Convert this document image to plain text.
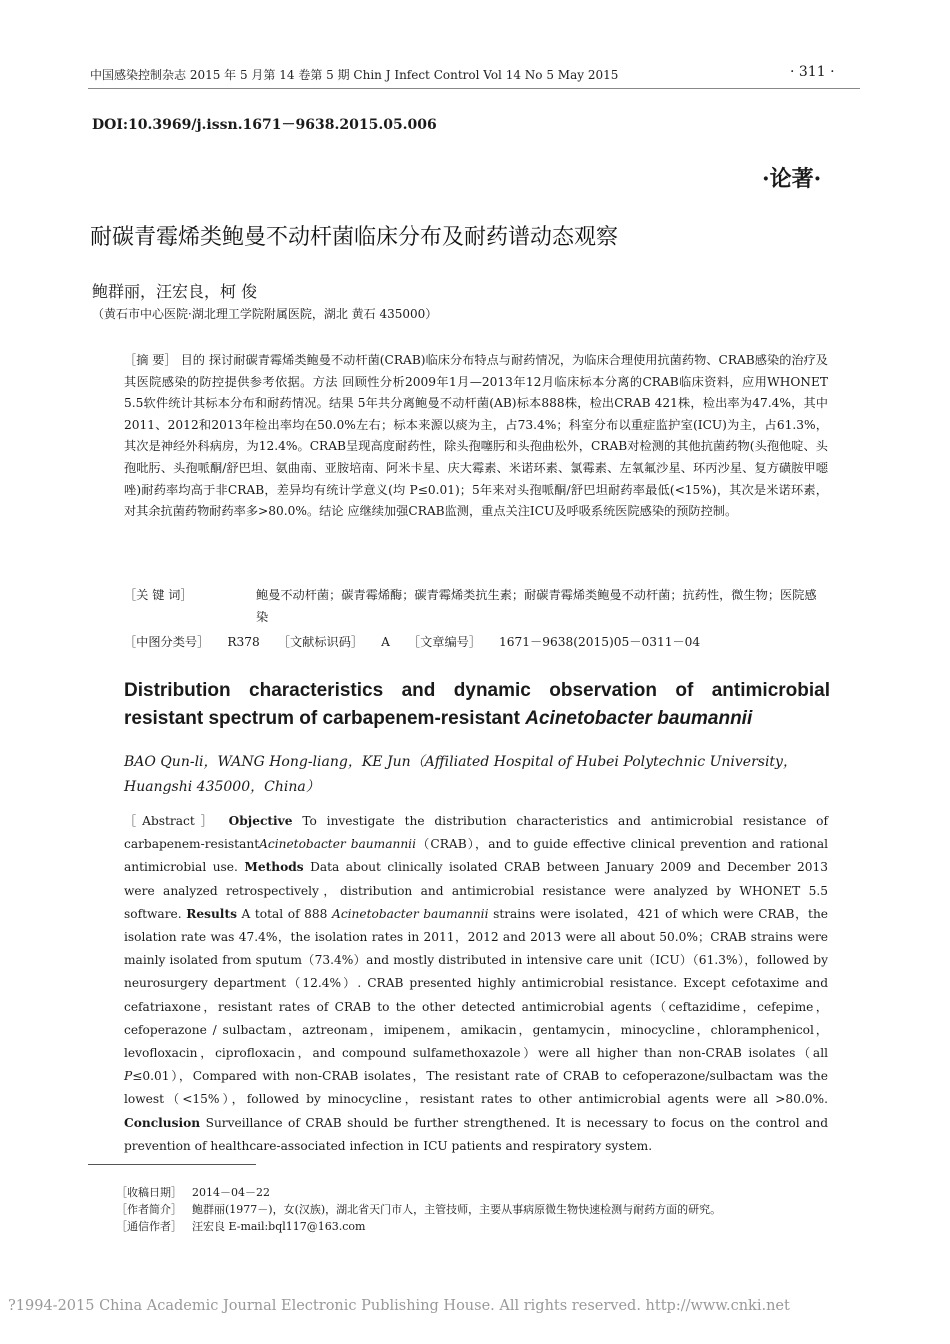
中国感染控制杂志 2015 年 5 月第 14 卷第 5 期 Chin J Infect Control Vol 14 No 5 May 2015	· 311 ·
DOI:10.3969/j.issn.1671－9638.2015.05.006
·论著·
耐碳青霉烯类鲍曼不动杆菌临床分布及耐药谱动态观察
鲍群丽，汪宏良，柯 俊
（黄石市中心医院·湖北理工学院附属医院，湖北 黄石 435000）
［摘 要］ 目的 探讨耐碳青霉烯类鲍曼不动杆菌(CRAB)临床分布特点与耐药情况，为临床合理使用抗菌药物、CRAB感染的治疗及其医院感染的防控提供参考依据。方法 回顾性分析2009年1月—2013年12月临床标本分离的CRAB临床资料，应用WHONET 5.5软件统计其标本分布和耐药情况。结果 5年共分离鲍曼不动杆菌(AB)标本888株，检出CRAB 421株，检出率为47.4%，其中2011、2012和2013年检出率均在50.0%左右；标本来源以痰为主，占73.4%；科室分布以重症监护室(ICU)为主，占61.3%，其次是神经外科病房，为12.4%。CRAB呈现高度耐药性，除头孢噻肟和头孢曲松外，CRAB对检测的其他抗菌药物(头孢他啶、头孢吡肟、头孢哌酮/舒巴坦、氨曲南、亚胺培南、阿米卡星、庆大霉素、米诺环素、氯霉素、左氧氟沙星、环丙沙星、复方磺胺甲噁唑)耐药率均高于非CRAB，差异均有统计学意义(均 P≤0.01)；5年来对头孢哌酮/舒巴坦耐药率最低(<15%)，其次是米诺环素，对其余抗菌药物耐药率多>80.0%。结论 应继续加强CRAB监测，重点关注ICU及呼吸系统医院感染的预防控制。
［关 键 词］	鲍曼不动杆菌；碳青霉烯酶；碳青霉烯类抗生素；耐碳青霉烯类鲍曼不动杆菌；抗药性，微生物；医院感染
［中图分类号］ R378 ［文献标识码］ A ［文章编号］ 1671－9638(2015)05－0311－04
Distribution characteristics and dynamic observation of antimicrobial resistant spectrum of carbapenem-resistant Acinetobacter baumannii
BAO Qun-li，WANG Hong-liang，KE Jun（Affiliated Hospital of Hubei Polytechnic University，Huangshi 435000，China）
［Abstract］ Objective To investigate the distribution characteristics and antimicrobial resistance of carbapenem-resistantAcinetobacter baumannii（CRAB），and to guide effective clinical prevention and rational antimicrobial use. Methods Data about clinically isolated CRAB between January 2009 and December 2013 were analyzed retrospectively，distribution and antimicrobial resistance were analyzed by WHONET 5.5 software. Results A total of 888 Acinetobacter baumannii strains were isolated，421 of which were CRAB，the isolation rate was 47.4%，the isolation rates in 2011，2012 and 2013 were all about 50.0%；CRAB strains were mainly isolated from sputum（73.4%）and mostly distributed in intensive care unit（ICU）（61.3%），followed by neurosurgery department（12.4%）. CRAB presented highly antimicrobial resistance. Except cefotaxime and cefatriaxone，resistant rates of CRAB to the other detected antimicrobial agents（ceftazidime，cefepime，cefoperazone / sulbactam，aztreonam，imipenem，amikacin，gentamycin，minocycline，chloramphenicol，levofloxacin，ciprofloxacin，and compound sulfamethoxazole）were all higher than non-CRAB isolates（all P≤0.01），Compared with non-CRAB isolates，The resistant rate of CRAB to cefoperazone/sulbactam was the lowest（<15%），followed by minocycline，resistant rates to other antimicrobial agents were all >80.0%. Conclusion Surveillance of CRAB should be further strengthened. It is necessary to focus on the control and prevention of healthcare-associated infection in ICU patients and respiratory system.
［收稿日期］ 2014－04－22
［作者简介］ 鲍群丽(1977－)，女(汉族)，湖北省天门市人，主管技师，主要从事病原微生物快速检测与耐药方面的研究。
［通信作者］ 汪宏良 E-mail:bql117@163.com
?1994-2015 China Academic Journal Electronic Publishing House. All rights reserved. http://www.cnki.net
